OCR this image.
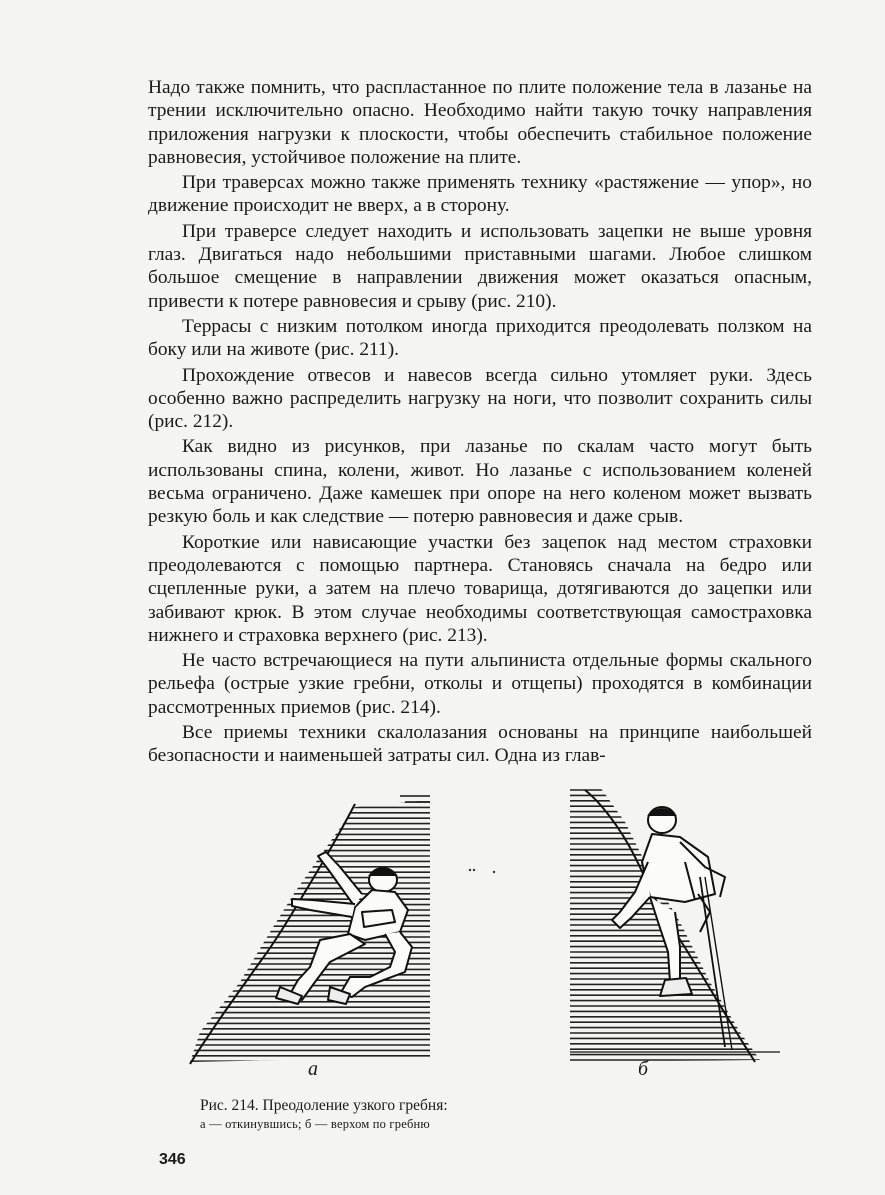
Надо также помнить, что распластанное по плите положение тела в лазанье на трении исключительно опасно. Необходимо найти такую точку направления приложения нагрузки к плоскости, чтобы обеспечить стабильное положение равновесия, устойчивое положение на плите.

При траверсах можно также применять технику «растяжение — упор», но движение происходит не вверх, а в сторону.

При траверсе следует находить и использовать зацепки не выше уровня глаз. Двигаться надо небольшими приставными шагами. Любое слишком большое смещение в направлении движения может оказаться опасным, привести к потере равновесия и срыву (рис. 210).

Террасы с низким потолком иногда приходится преодолевать ползком на боку или на животе (рис. 211).

Прохождение отвесов и навесов всегда сильно утомляет руки. Здесь особенно важно распределить нагрузку на ноги, что позволит сохранить силы (рис. 212).

Как видно из рисунков, при лазанье по скалам часто могут быть использованы спина, колени, живот. Но лазанье с использованием коленей весьма ограничено. Даже камешек при опоре на него коленом может вызвать резкую боль и как следствие — потерю равновесия и даже срыв.

Короткие или нависающие участки без зацепок над местом страховки преодолеваются с помощью партнера. Становясь сначала на бедро или сцепленные руки, а затем на плечо товарища, дотягиваются до зацепки или забивают крюк. В этом случае необходимы соответствующая самостраховка нижнего и страховка верхнего (рис. 213).

Не часто встречающиеся на пути альпиниста отдельные формы скального рельефа (острые узкие гребни, отколы и отщепы) проходятся в комбинации рассмотренных приемов (рис. 214).

Все приемы техники скалолазания основаны на принципе наибольшей безопасности и наименьшей затраты сил. Одна из глав-

а	б
Рис. 214. Преодоление узкого гребня:
а — откинувшись; б — верхом по гребню
346
